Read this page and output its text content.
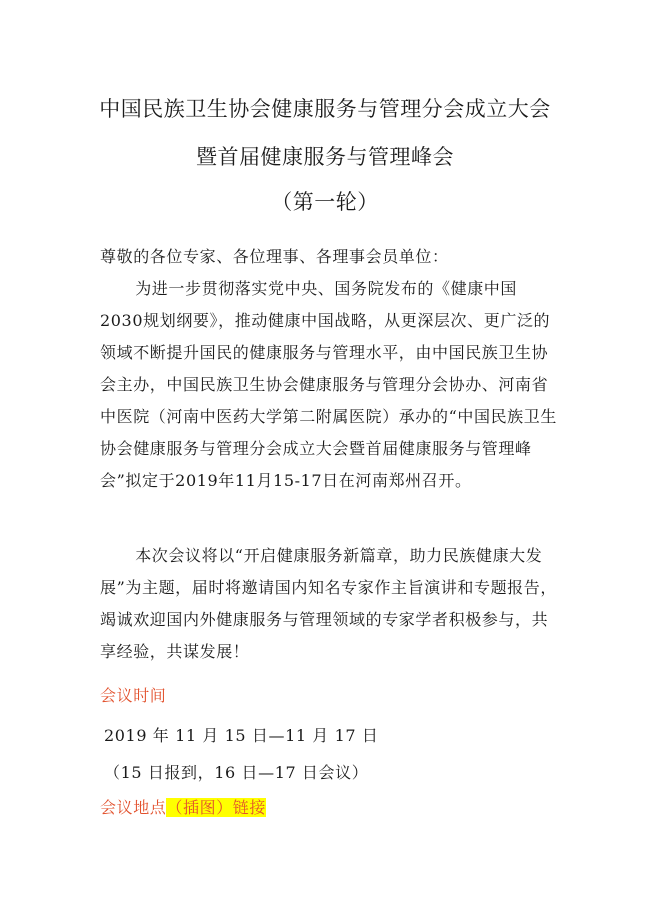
中国民族卫生协会健康服务与管理分会成立大会
暨首届健康服务与管理峰会
（第一轮）
尊敬的各位专家、各位理事、各理事会员单位：
为进一步贯彻落实党中央、国务院发布的《健康中国2030规划纲要》，推动健康中国战略，从更深层次、更广泛的领域不断提升国民的健康服务与管理水平，由中国民族卫生协会主办，中国民族卫生协会健康服务与管理分会协办、河南省中医院（河南中医药大学第二附属医院）承办的“中国民族卫生协会健康服务与管理分会成立大会暨首届健康服务与管理峰会”拟定于2019年11月15-17日在河南郑州召开。
本次会议将以“开启健康服务新篇章，助力民族健康大发展”为主题，届时将邀请国内知名专家作主旨演讲和专题报告，竭诚欢迎国内外健康服务与管理领域的专家学者积极参与，共享经验，共谋发展！
会议时间
2019 年 11 月 15 日—11 月 17 日
（15 日报到，16 日—17 日会议）
会议地点（插图）链接
